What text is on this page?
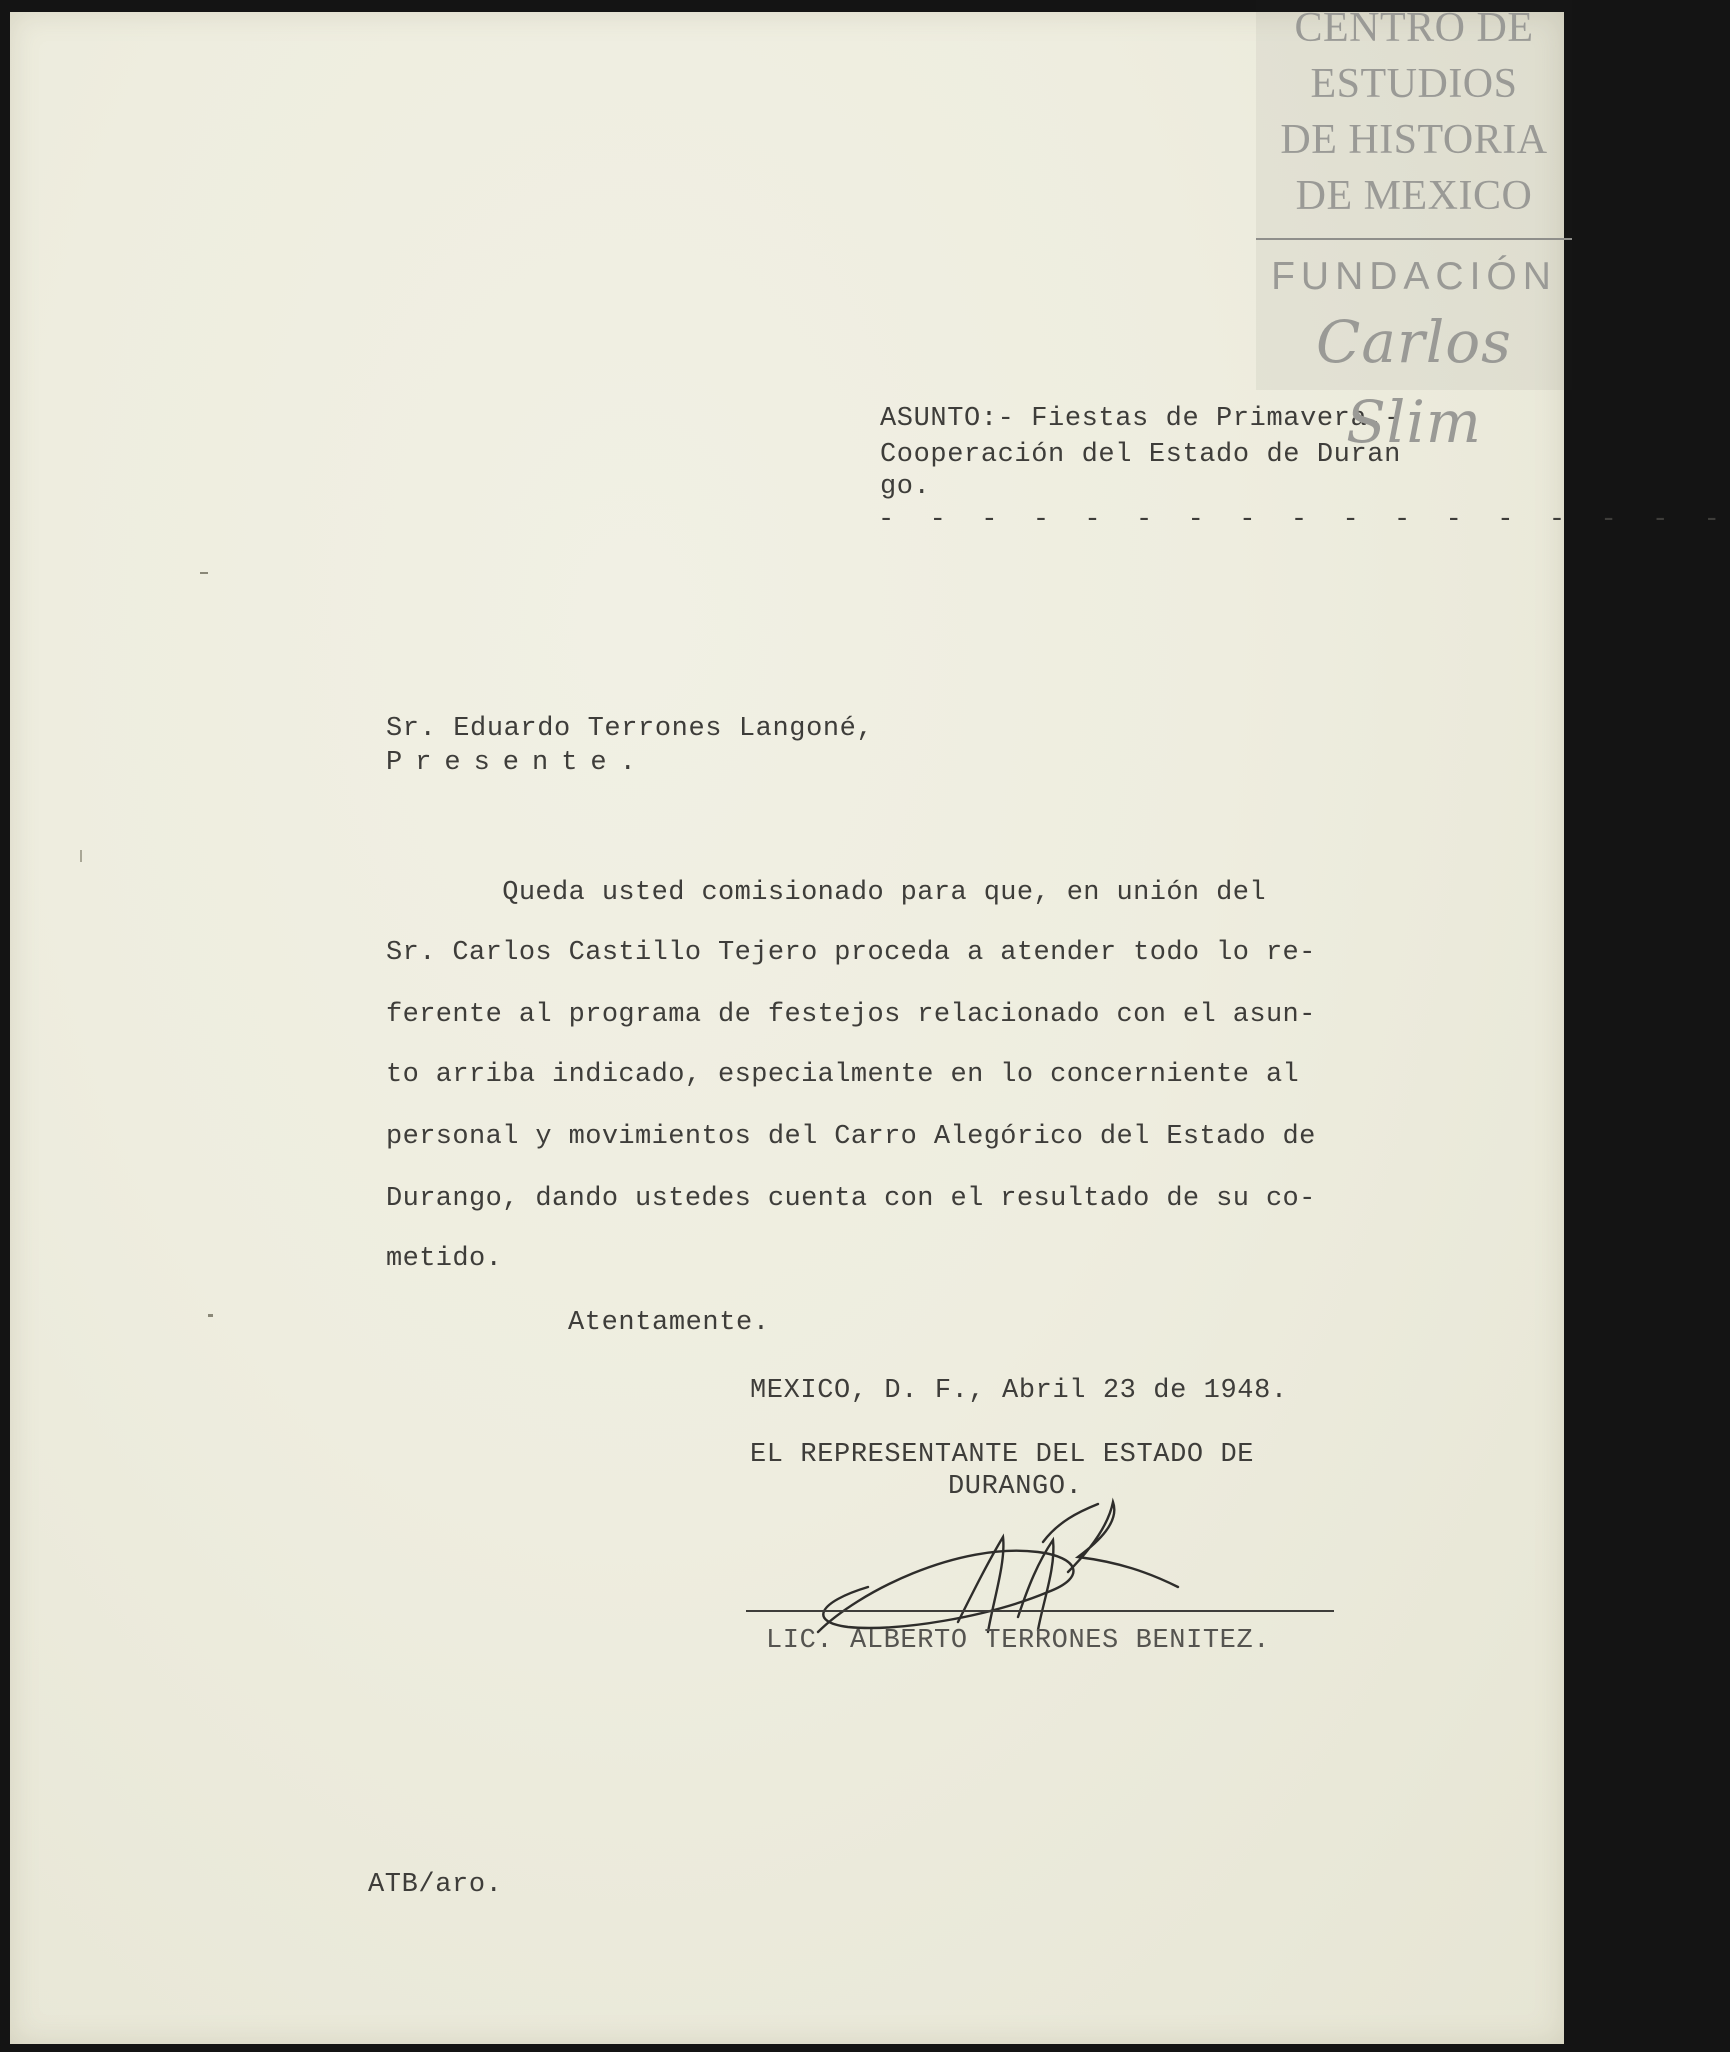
ASUNTO:- Fiestas de Primavera.-
Cooperación del Estado de Duran
go.
- - - - - - - - - - - - - - - - -
Sr. Eduardo Terrones Langoné,
Presente.
Queda usted comisionado para que, en unión del
Sr. Carlos Castillo Tejero proceda a atender todo lo re-
ferente al programa de festejos relacionado con el asun-
to arriba indicado, especialmente en lo concerniente al
personal y movimientos del Carro Alegórico del Estado de
Durango, dando ustedes cuenta con el resultado de su co-
metido.
Atentamente.
MEXICO, D. F., Abril 23 de 1948.
EL REPRESENTANTE DEL ESTADO DE
DURANGO.
LIC. ALBERTO TERRONES BENITEZ.
ATB/aro.
CENTRO DE
ESTUDIOS
DE HISTORIA
DE MEXICO
FUNDACIÓN
Carlos Slim
